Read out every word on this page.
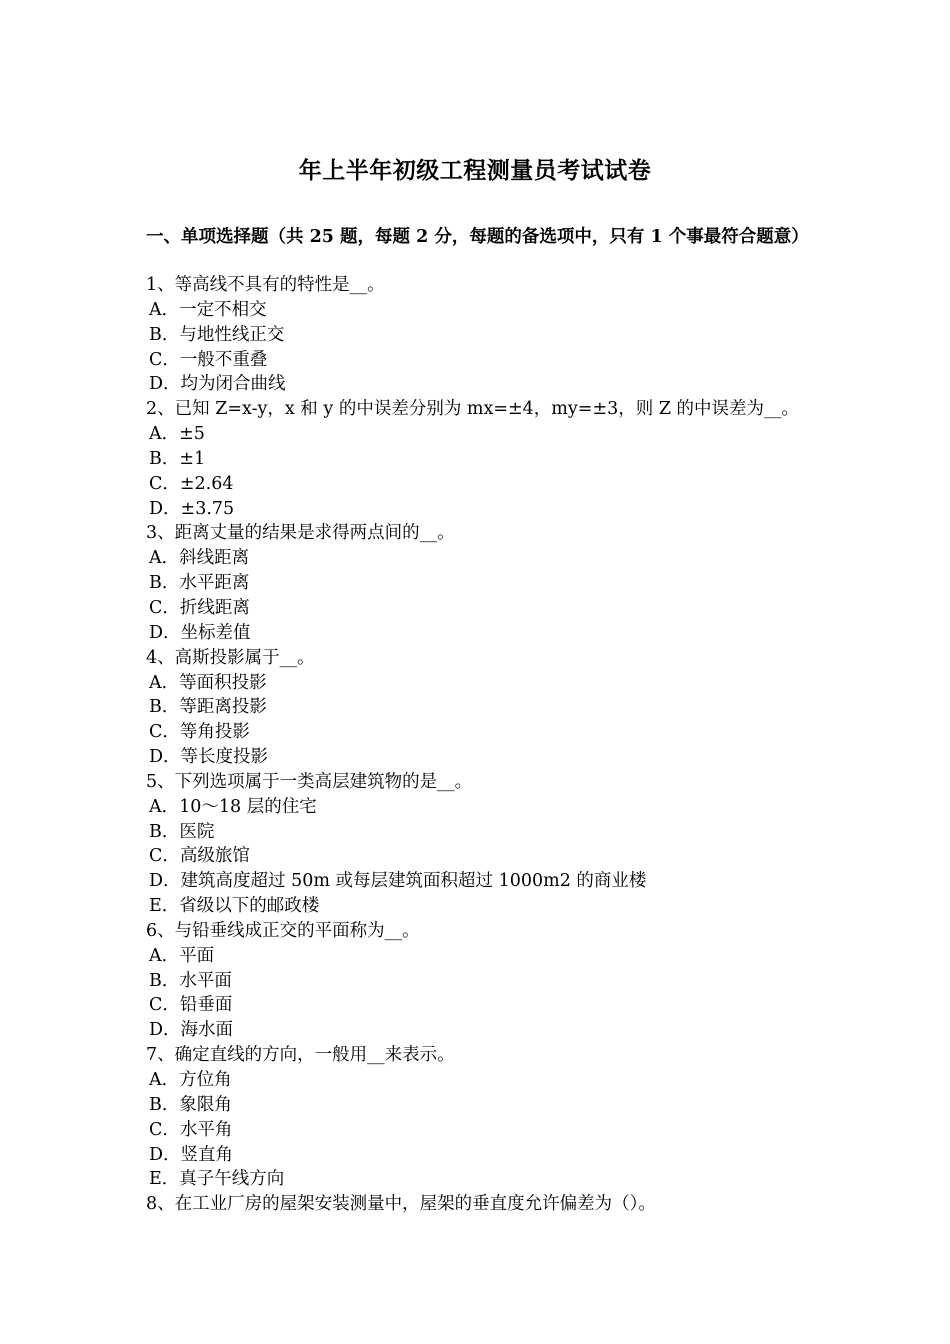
年上半年初级工程测量员考试试卷
一、单项选择题（共 25 题，每题 2 分，每题的备选项中，只有 1 个事最符合题意）
1、等高线不具有的特性是__。
A．一定不相交
B．与地性线正交
C．一般不重叠
D．均为闭合曲线
2、已知 Z=x-y，x 和 y 的中误差分别为 mx=±4，my=±3，则 Z 的中误差为__。
A．±5
B．±1
C．±2.64
D．±3.75
3、距离丈量的结果是求得两点间的__。
A．斜线距离
B．水平距离
C．折线距离
D．坐标差值
4、高斯投影属于__。
A．等面积投影
B．等距离投影
C．等角投影
D．等长度投影
5、下列选项属于一类高层建筑物的是__。
A．10～18 层的住宅
B．医院
C．高级旅馆
D．建筑高度超过 50m 或每层建筑面积超过 1000m2 的商业楼
E．省级以下的邮政楼
6、与铅垂线成正交的平面称为__。
A．平面
B．水平面
C．铅垂面
D．海水面
7、确定直线的方向，一般用__来表示。
A．方位角
B．象限角
C．水平角
D．竖直角
E．真子午线方向
8、在工业厂房的屋架安装测量中，屋架的垂直度允许偏差为（）。
